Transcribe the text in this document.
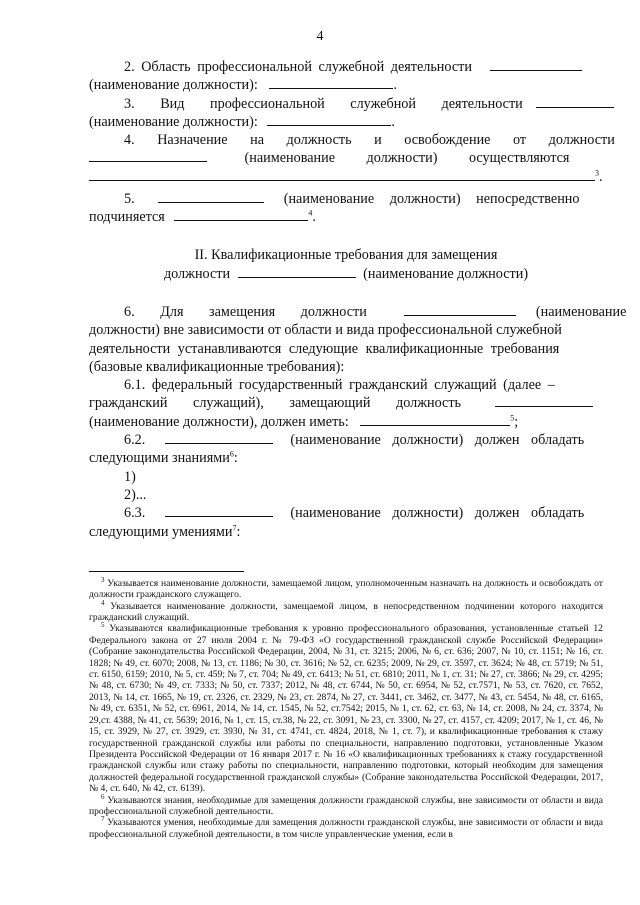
4
2. Область профессиональной служебной деятельности
(наименование должности):	.
3. Вид профессиональной служебной деятельности
(наименование должности):	.
4. Назначение на должность и освобождение от должности
(наименование должности) осуществляются
$^3$.
5.	(наименование должности) непосредственно
подчиняется	$^4$.
II. Квалификационные требования для замещения
должности	(наименование должности)
6. Для замещения должности	(наименование
должности) вне зависимости от области и вида профессиональной служебной
деятельности устанавливаются следующие квалификационные требования
(базовые квалификационные требования):
6.1. федеральный государственный гражданский служащий (далее –
гражданский служащий), замещающий должность
(наименование должности), должен иметь:	$^5$;
6.2.	(наименование должности) должен обладать
следующими знаниями$^6$:
1)
2)...
6.3.	(наименование должности) должен обладать
следующими умениями$^7$:
$^3$ Указывается наименование должности, замещаемой лицом, уполномоченным назначать на должность и освобождать от должности гражданского служащего.
$^4$ Указывается наименование должности, замещаемой лицом, в непосредственном подчинении которого находится гражданский служащий.
$^5$ Указываются квалификационные требования к уровню профессионального образования, установленные статьей 12 Федерального закона от 27 июля 2004 г. № 79-ФЗ «О государственной гражданской службе Российской Федерации» (Собрание законодательства Российской Федерации, 2004, № 31, ст. 3215; 2006, № 6, ст. 636; 2007, № 10, ст. 1151; № 16, ст. 1828; № 49, ст. 6070; 2008, № 13, ст. 1186; № 30, ст. 3616; № 52, ст. 6235; 2009, № 29, ст. 3597, ст. 3624; № 48, ст. 5719; № 51, ст. 6150, 6159; 2010, № 5, ст. 459; № 7, ст. 704; № 49, ст. 6413; № 51, ст. 6810; 2011, № 1, ст. 31; № 27, ст. 3866; № 29, ст. 4295; № 48, ст. 6730; № 49, ст. 7333; № 50, ст. 7337; 2012, № 48, ст. 6744, № 50, ст. 6954, № 52, ст.7571, № 53, ст. 7620, ст. 7652, 2013, № 14, ст. 1665, № 19, ст. 2326, ст. 2329, № 23, ст. 2874, № 27, ст. 3441, ст. 3462, ст. 3477, № 43, ст. 5454, № 48, ст. 6165, № 49, ст. 6351, № 52, ст. 6961, 2014, № 14, ст. 1545, № 52, ст.7542; 2015, № 1, ст. 62, ст. 63, № 14, ст. 2008, № 24, ст. 3374, № 29,ст. 4388, № 41, ст. 5639; 2016, № 1, ст. 15, ст.38, № 22, ст. 3091, № 23, ст. 3300, № 27, ст. 4157, ст. 4209; 2017, № 1, ст. 46, № 15, ст. 3929, № 27, ст. 3929, ст. 3930, № 31, ст. 4741, ст. 4824, 2018, № 1, ст. 7), и квалификационные требования к стажу государственной гражданской службы или работы по специальности, направлению подготовки, установленные Указом Президента Российской Федерации от 16 января 2017 г. № 16 «О квалификационных требованиях к стажу государственной гражданской службы или стажу работы по специальности, направлению подготовки, который необходим для замещения должностей федеральной государственной гражданской службы» (Собрание законодательства Российской Федерации, 2017, № 4, ст. 640, № 42, ст. 6139).
$^6$ Указываются знания, необходимые для замещения должности гражданской службы, вне зависимости от области и вида профессиональной служебной деятельности.
$^7$ Указываются умения, необходимые для замещения должности гражданской службы, вне зависимости от области и вида профессиональной служебной деятельности, в том числе управленческие умения, если в
